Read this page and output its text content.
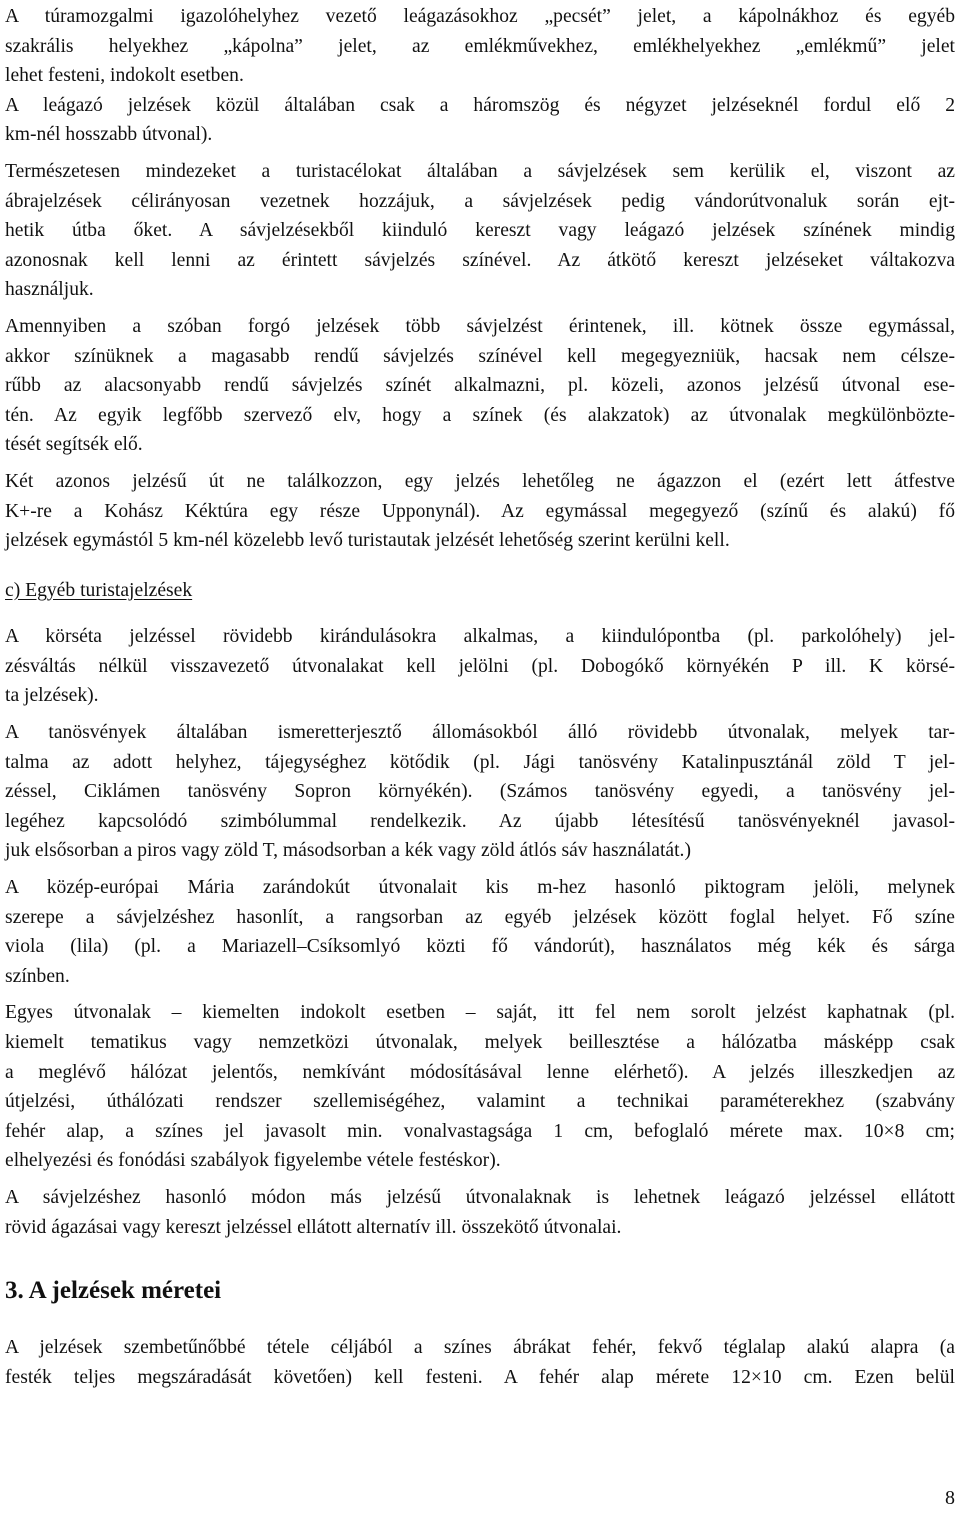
A túramozgalmi igazolóhelyhez vezető leágazásokhoz „pecsét” jelet, a kápolnákhoz és egyéb
szakrális helyekhez „kápolna” jelet, az emlékművekhez, emlékhelyekhez „emlékmű” jelet
lehet festeni, indokolt esetben.

A leágazó jelzések közül általában csak a háromszög és négyzet jelzéseknél fordul elő 2
km-nél hosszabb útvonal).

Természetesen mindezeket a turistacélokat általában a sávjelzések sem kerülik el, viszont az
ábrajelzések célirányosan vezetnek hozzájuk, a sávjelzések pedig vándorútvonaluk során ejt-
hetik útba őket. A sávjelzésekből kiinduló kereszt vagy leágazó jelzések színének mindig
azonosnak kell lenni az érintett sávjelzés színével. Az átkötő kereszt jelzéseket váltakozva
használjuk.

Amennyiben a szóban forgó jelzések több sávjelzést érintenek, ill. kötnek össze egymással,
akkor színüknek a magasabb rendű sávjelzés színével kell megegyezniük, hacsak nem célsze-
rűbb az alacsonyabb rendű sávjelzés színét alkalmazni, pl. közeli, azonos jelzésű útvonal ese-
tén. Az egyik legfőbb szervező elv, hogy a színek (és alakzatok) az útvonalak megkülönbözte-
tését segítsék elő.

Két azonos jelzésű út ne találkozzon, egy jelzés lehetőleg ne ágazzon el (ezért lett átfestve
K+-re a Kohász Kéktúra egy része Upponynál). Az egymással megegyező (színű és alakú) fő
jelzések egymástól 5 km-nél közelebb levő turistautak jelzését lehetőség szerint kerülni kell.

c) Egyéb turistajelzések

A körséta jelzéssel rövidebb kirándulásokra alkalmas, a kiindulópontba (pl. parkolóhely) jel-
zésváltás nélkül visszavezető útvonalakat kell jelölni (pl. Dobogókő környékén P ill. K körsé-
ta jelzések).

A tanösvények általában ismeretterjesztő állomásokból álló rövidebb útvonalak, melyek tar-
talma az adott helyhez, tájegységhez kötődik (pl. Jági tanösvény Katalinpusztánál zöld T jel-
zéssel, Ciklámen tanösvény Sopron környékén). (Számos tanösvény egyedi, a tanösvény jel-
legéhez kapcsolódó szimbólummal rendelkezik. Az újabb létesítésű tanösvényeknél javasol-
juk elsősorban a piros vagy zöld T, másodsorban a kék vagy zöld átlós sáv használatát.)

A közép-európai Mária zarándokút útvonalait kis m-hez hasonló piktogram jelöli, melynek
szerepe a sávjelzéshez hasonlít, a rangsorban az egyéb jelzések között foglal helyet. Fő színe
viola (lila) (pl. a Mariazell–Csíksomlyó közti fő vándorút), használatos még kék és sárga
színben.

Egyes útvonalak – kiemelten indokolt esetben – saját, itt fel nem sorolt jelzést kaphatnak (pl.
kiemelt tematikus vagy nemzetközi útvonalak, melyek beillesztése a hálózatba másképp csak
a meglévő hálózat jelentős, nemkívánt módosításával lenne elérhető). A jelzés illeszkedjen az
útjelzési, úthálózati rendszer szellemiségéhez, valamint a technikai paraméterekhez (szabvány
fehér alap, a színes jel javasolt min. vonalvastagsága 1 cm, befoglaló mérete max. 10×8 cm;
elhelyezési és fonódási szabályok figyelembe vétele festéskor).

A sávjelzéshez hasonló módon más jelzésű útvonalaknak is lehetnek leágazó jelzéssel ellátott
rövid ágazásai vagy kereszt jelzéssel ellátott alternatív ill. összekötő útvonalai.

3. A jelzések méretei

A jelzések szembetűnőbbé tétele céljából a színes ábrákat fehér, fekvő téglalap alakú alapra (a
festék teljes megszáradását követően) kell festeni. A fehér alap mérete 12×10 cm. Ezen belül

8
